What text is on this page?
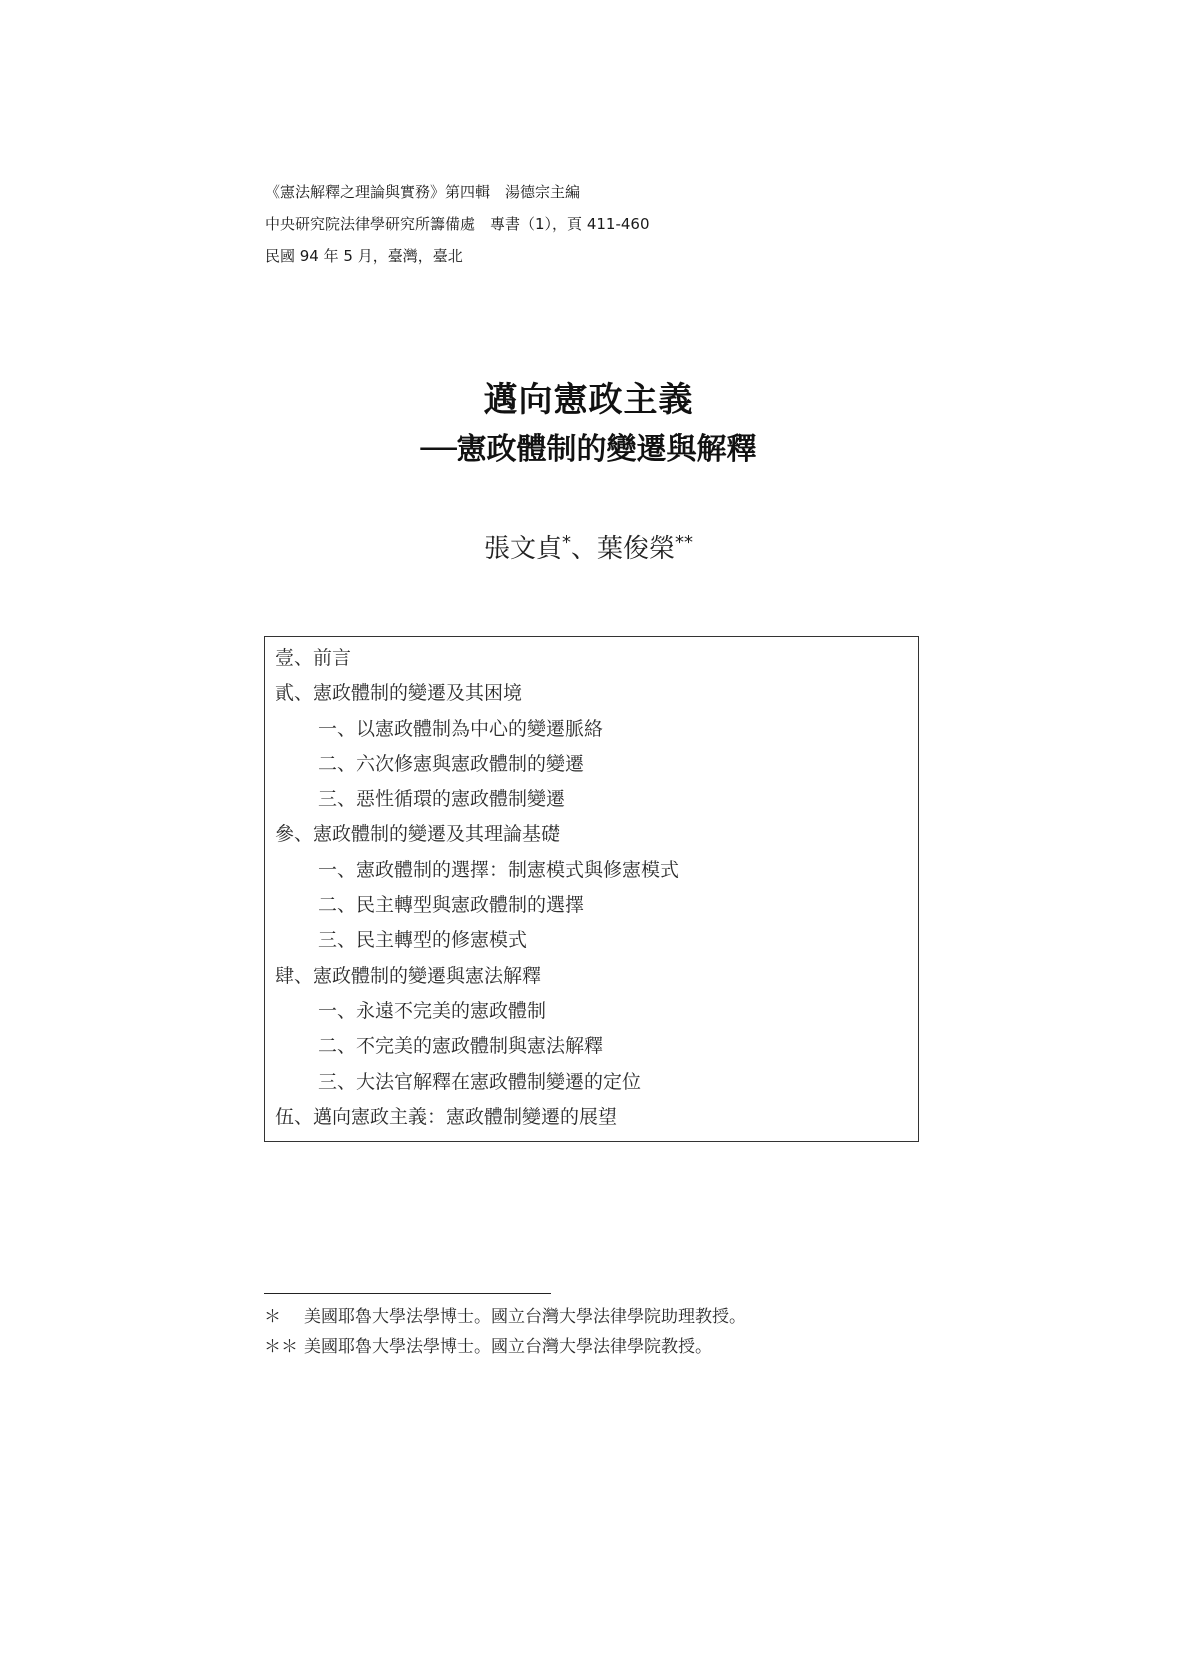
《憲法解釋之理論與實務》第四輯　湯德宗主編
中央研究院法律學研究所籌備處　專書（1），頁 411-460
民國 94 年 5 月，臺灣，臺北
邁向憲政主義
──憲政體制的變遷與解釋
張文貞*、葉俊榮**
壹、前言
貳、憲政體制的變遷及其困境
一、以憲政體制為中心的變遷脈絡
二、六次修憲與憲政體制的變遷
三、惡性循環的憲政體制變遷
參、憲政體制的變遷及其理論基礎
一、憲政體制的選擇：制憲模式與修憲模式
二、民主轉型與憲政體制的選擇
三、民主轉型的修憲模式
肆、憲政體制的變遷與憲法解釋
一、永遠不完美的憲政體制
二、不完美的憲政體制與憲法解釋
三、大法官解釋在憲政體制變遷的定位
伍、邁向憲政主義：憲政體制變遷的展望
＊ 美國耶魯大學法學博士。國立台灣大學法律學院助理教授。
＊＊ 美國耶魯大學法學博士。國立台灣大學法律學院教授。
